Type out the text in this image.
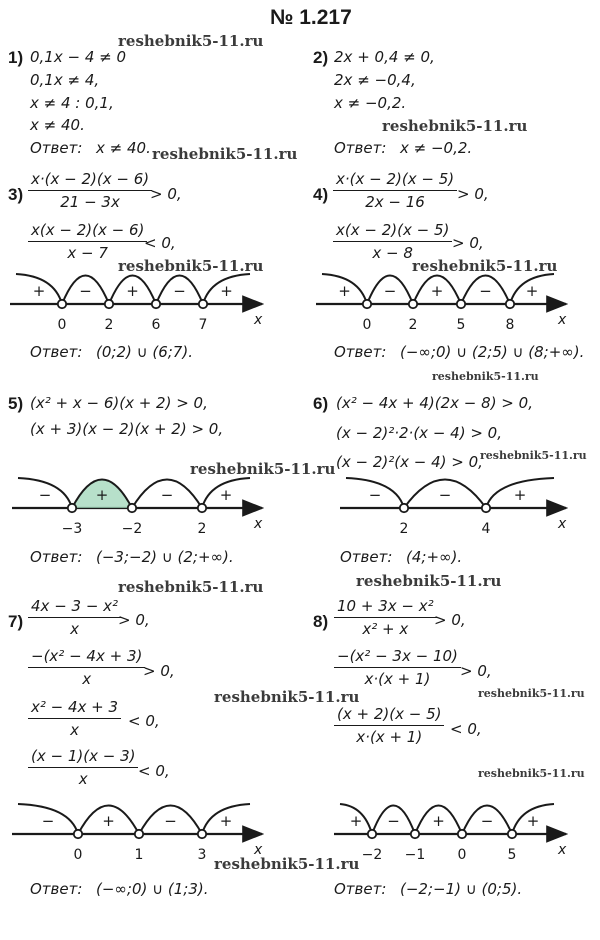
№ 1.217
reshebnik5-11.ru
reshebnik5-11.ru
reshebnik5-11.ru
reshebnik5-11.ru	reshebnik5-11.ru
reshebnik5-11.ru
reshebnik5-11.ru
reshebnik5-11.ru
reshebnik5-11.ru	reshebnik5-11.ru
reshebnik5-11.ru
reshebnik5-11.ru
reshebnik5-11.ru
reshebnik5-11.ru
1) 0,1x − 4 ≠ 0
0,1x ≠ 4,
x ≠ 4 : 0,1,
x ≠ 40.
Ответ: x ≠ 40.
2) 2x + 0,4 ≠ 0,
2x ≠ −0,4,
x ≠ −0,2.
Ответ: x ≠ −0,2.
$3) \frac{x\cdot(x - 2)(x - 6)}{21 - 3x}$
> 0,
$\frac{x(x - 2)(x - 6)}{x - 7}$
< 0,
Ответ: (0;2) ∪ (6;7).
$4) \frac{x\cdot(x - 2)(x - 5)}{2x - 16} > 0$,
$\frac{x(x - 2)(x - 5)}{x - 8} > 0$,
Ответ: (−∞;0) ∪ (2;5) ∪ (8;+∞).
5) (x² + x − 6)(x + 2) > 0,
(x + 3)(x − 2)(x + 2) > 0,
Ответ: (−3;−2) ∪ (2;+∞).
6) (x² − 4x + 4)(2x − 8) > 0,
(x − 2)²·2·(x − 4) > 0,
(x − 2)²(x − 4) > 0,
Ответ: (4;+∞).
$7) \frac{\text{4x − 3 − x²}}{x}$
> 0,
$\frac{\text{−(x² − 4x + 3)}}{x}$
> 0,
$\frac{\text{x² − 4x + 3}}{x} < 0$,
$\frac{(x - 1)(x - 3)}{x} < 0$,
Ответ: (−∞;0) ∪ (1;3).
$8) \frac{\text{10 + 3x − x²}}{\text{x² + x}}$
> 0,
$\frac{\text{−(x² − 3x − 10)}}{x\cdot(x + 1)} > 0$,
$\frac{(x + 2)(x - 5)}{x\cdot(x + 1)} < 0$,
Ответ: (−2;−1) ∪ (0;5).
+ − + − +
0	2	6	7	x
+ − + − +
0	2	5	8	x
−	+	−	+
−3	−2	2	x
−	−	+
2	4	x
−	+	−	+
0	1	3	x
+ − + − +
−2 −1 0	5	x
